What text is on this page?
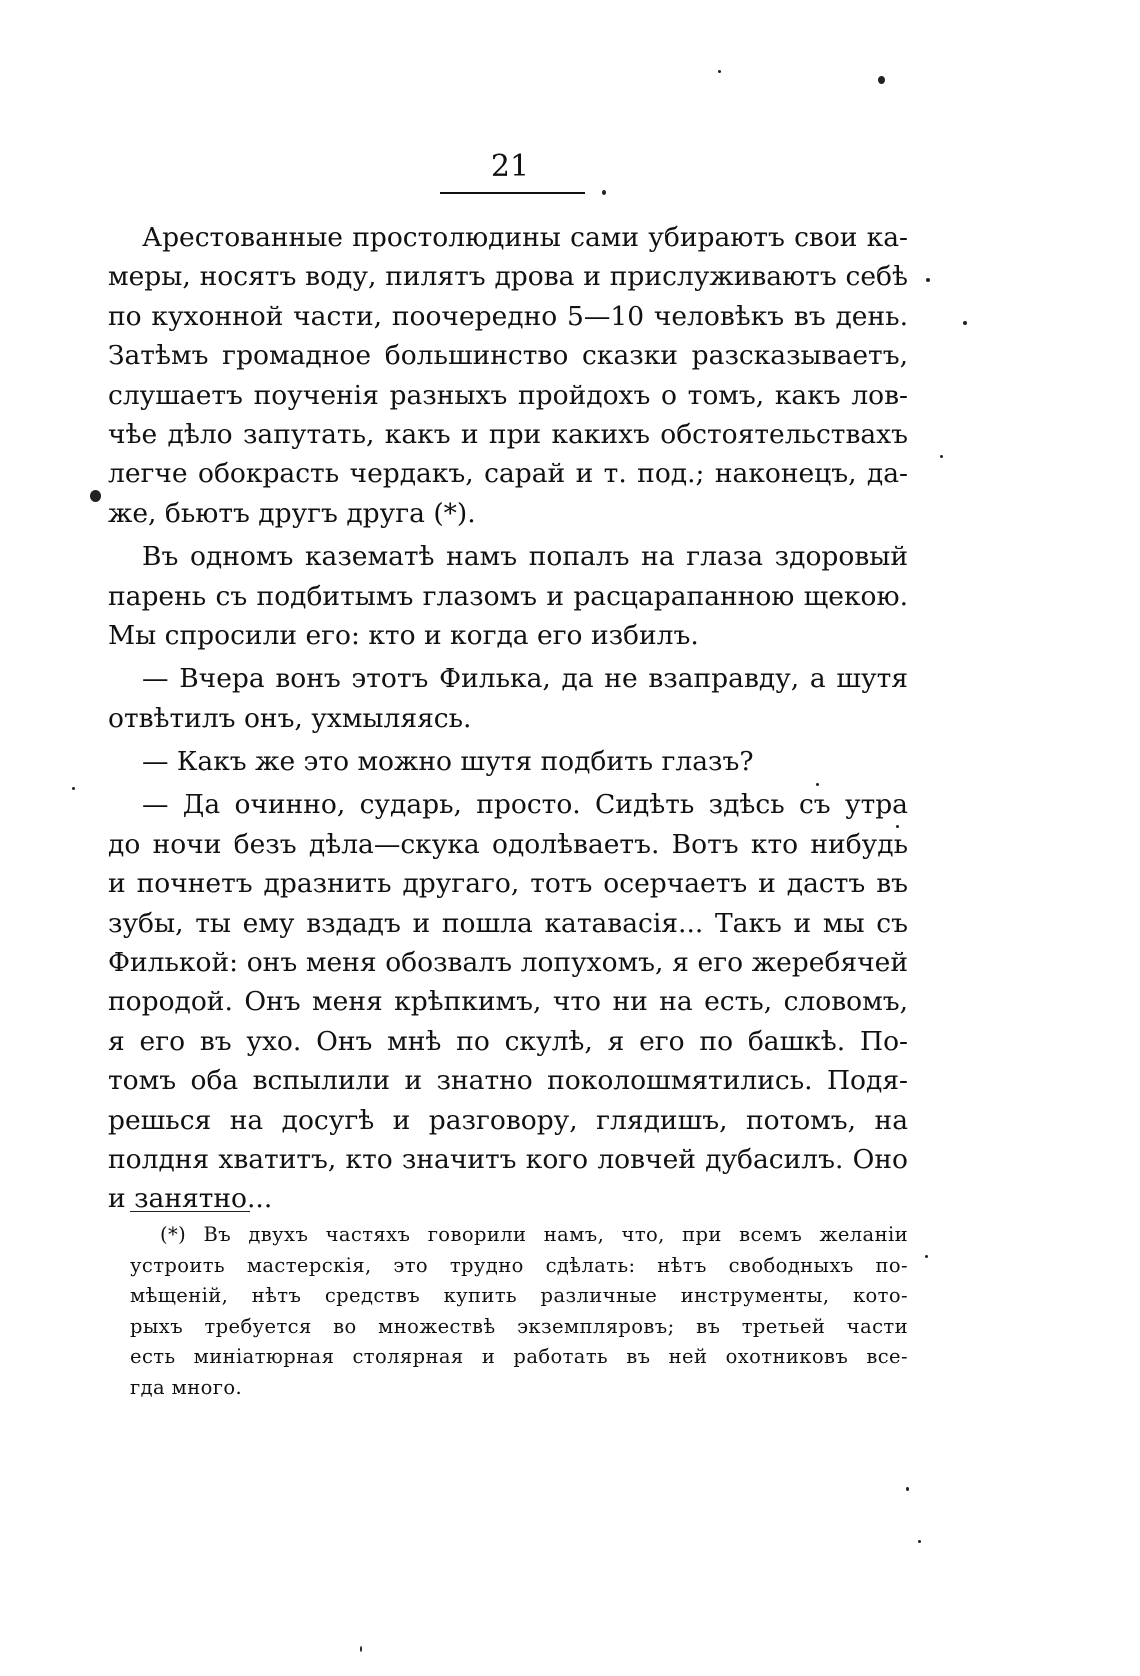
21
Арестованные простолюдины сами убираютъ свои ка-
меры, носятъ воду, пилятъ дрова и прислуживаютъ себѣ
по кухонной части, поочередно 5—10 человѣкъ въ день.
Затѣмъ громадное большинство сказки разсказываетъ,
слушаетъ поученія разныхъ пройдохъ о томъ, какъ лов-
чѣе дѣло запутать, какъ и при какихъ обстоятельствахъ
легче обокрасть чердакъ, сарай и т. под.; наконецъ, да-
же, бьютъ другъ друга (*).
Въ одномъ казематѣ намъ попалъ на глаза здоровый
парень съ подбитымъ глазомъ и расцарапанною щекою.
Мы спросили его: кто и когда его избилъ.
— Вчера вонъ этотъ Филька, да не взаправду, а шутя
отвѣтилъ онъ, ухмыляясь.
— Какъ же это можно шутя подбить глазъ?
— Да очинно, сударь, просто. Сидѣть здѣсь съ утра
до ночи безъ дѣла—скука одолѣваетъ. Вотъ кто нибудь
и почнетъ дразнить другаго, тотъ осерчаетъ и дастъ въ
зубы, ты ему вздадъ и пошла катавасія... Такъ и мы съ
Филькой: онъ меня обозвалъ лопухомъ, я его жеребячей
породой. Онъ меня крѣпкимъ, что ни на есть, словомъ,
я его въ ухо. Онъ мнѣ по скулѣ, я его по башкѣ. По-
томъ оба вспылили и знатно поколошмятились. Подя-
решься на досугѣ и разговору, глядишъ, потомъ, на
полдня хватитъ, кто значитъ кого ловчей дубасилъ. Оно
и занятно...
(*) Въ двухъ частяхъ говорили намъ, что, при всемъ желаніи
устроить мастерскія, это трудно сдѣлать: нѣтъ свободныхъ по-
мѣщеній, нѣтъ средствъ купить различные инструменты, кото-
рыхъ требуется во множествѣ экземпляровъ; въ третьей части
есть миніатюрная столярная и работать въ ней охотниковъ все-
гда много.
